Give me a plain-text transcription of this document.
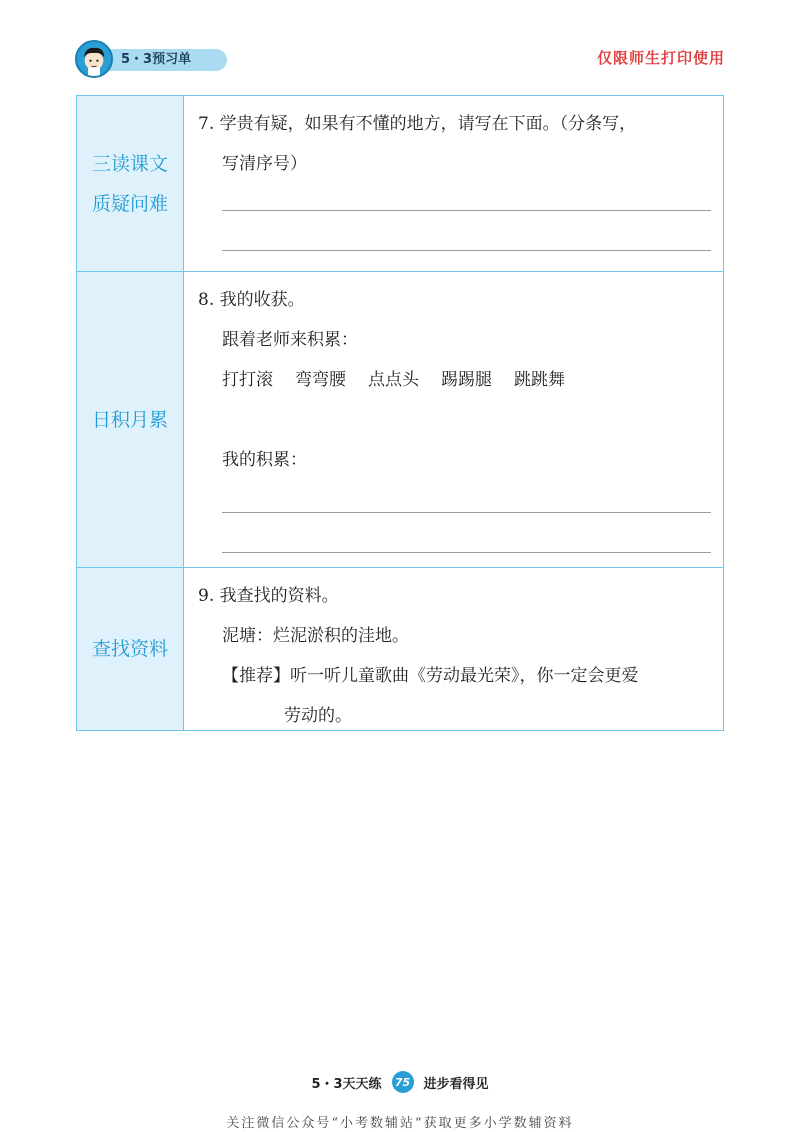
5・3预习单	仅限师生打印使用
三读课文
质疑问难
7. 学贵有疑，如果有不懂的地方，请写在下面。（分条写，
写清序号）
日积月累
8. 我的收获。
跟着老师来积累：
打打滚 弯弯腰 点点头 踢踢腿 跳跳舞
我的积累：
查找资料
9. 我查找的资料。
泥塘：烂泥淤积的洼地。
【推荐】听一听儿童歌曲《劳动最光荣》，你一定会更爱
劳动的。
5・3天天练	75 进步看得见
关注微信公众号“小考数辅站”获取更多小学数辅资料
